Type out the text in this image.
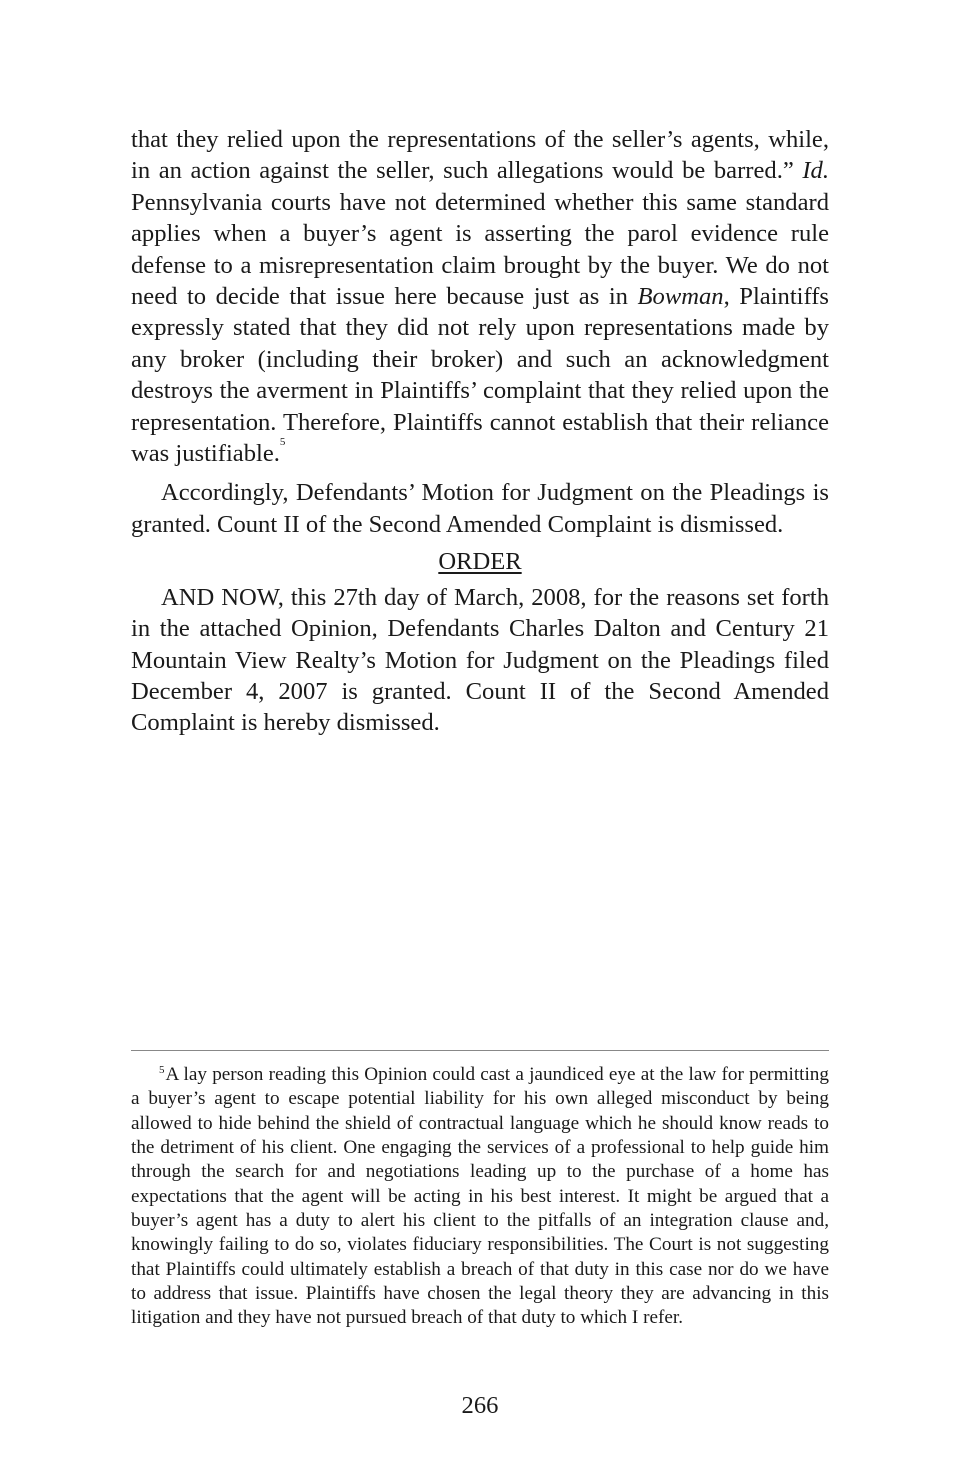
that they relied upon the representations of the seller’s agents, while, in an action against the seller, such allegations would be barred.” Id. Pennsylvania courts have not determined whether this same standard applies when a buyer’s agent is asserting the parol evidence rule defense to a misrepresentation claim brought by the buyer. We do not need to decide that issue here because just as in Bowman, Plaintiffs expressly stated that they did not rely upon representations made by any broker (including their broker) and such an acknowledgment destroys the averment in Plaintiffs’ complaint that they relied upon the representation. Therefore, Plaintiffs cannot establish that their reliance was justifiable.$^5$

Accordingly, Defendants’ Motion for Judgment on the Pleadings is granted. Count II of the Second Amended Complaint is dismissed.

ORDER

AND NOW, this 27th day of March, 2008, for the reasons set forth in the attached Opinion, Defendants Charles Dalton and Century 21 Mountain View Realty’s Motion for Judgment on the Pleadings filed December 4, 2007 is granted. Count II of the Second Amended Complaint is hereby dismissed.

$^5$A lay person reading this Opinion could cast a jaundiced eye at the law for permitting a buyer’s agent to escape potential liability for his own alleged misconduct by being allowed to hide behind the shield of contractual language which he should know reads to the detriment of his client. One engaging the services of a professional to help guide him through the search for and negotiations leading up to the purchase of a home has expectations that the agent will be acting in his best interest. It might be argued that a buyer’s agent has a duty to alert his client to the pitfalls of an integration clause and, knowingly failing to do so, violates fiduciary responsibilities. The Court is not suggesting that Plaintiffs could ultimately establish a breach of that duty in this case nor do we have to address that issue. Plaintiffs have chosen the legal theory they are advancing in this litigation and they have not pursued breach of that duty to which I refer.

266
